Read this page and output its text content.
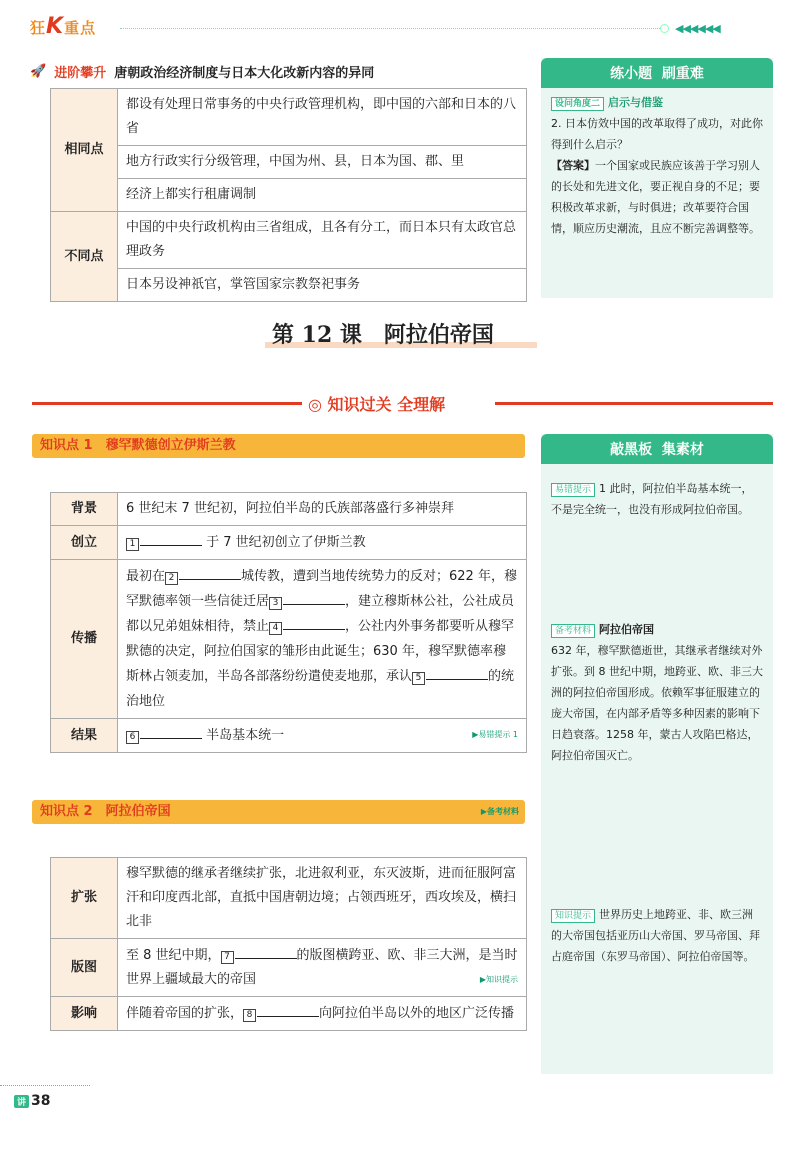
狂K重点	◀◀◀◀◀◀
🚀 进阶攀升 唐朝政治经济制度与日本大化改新内容的异同
相同点	都设有处理日常事务的中央行政管理机构，即中国的六部和日本的八省
	地方行政实行分级管理，中国为州、县，日本为国、郡、里
	经济上都实行租庸调制
不同点	中国的中央行政机构由三省组成，且各有分工，而日本只有太政官总理政务
	日本另设神祇官，掌管国家宗教祭祀事务
练小题
刷重难
设问角度二 启示与借鉴
2. 日本仿效中国的改革取得了成功，对此你得到什么启示？
【答案】一个国家或民族应该善于学习别人的长处和先进文化，要正视自身的不足；要积极改革求新，与时俱进；改革要符合国情，顺应历史潮流，且应不断完善调整等。
第 12 课　阿拉伯帝国
◎ 知识过关 全理解
知识点 1　穆罕默德创立伊斯兰教
背景	6 世纪末 7 世纪初，阿拉伯半岛的氏族部落盛行多神崇拜
创立	1 于 7 世纪初创立了伊斯兰教
传播	最初在 2 城传教，遭到当地传统势力的反对；622 年，穆罕默德率领一些信徒迁居 3 ，建立穆斯林公社，公社成员都以兄弟姐妹相待，禁止 4 ，公社内外事务都要听从穆罕默德的决定，阿拉伯国家的雏形由此诞生；630 年，穆罕默德率穆斯林占领麦加，半岛各部落纷纷遣使麦地那，承认 5 的统治地位
结果	6 半岛基本统一 ▶易错提示 1
知识点 2　阿拉伯帝国	▶备考材料
扩张	穆罕默德的继承者继续扩张，北进叙利亚，东灭波斯，进而征服阿富汗和印度西北部，直抵中国唐朝边境；占领西班牙，西攻埃及，横扫北非
版图	至 8 世纪中期， 7 的版图横跨亚、欧、非三大洲，是当时世界上疆域最大的帝国 ▶知识提示

影响	伴随着帝国的扩张， 8 向阿拉伯半岛以外的地区广泛传播
敲黑板
集素材
易错提示 1 此时，阿拉伯半岛基本统一，不是完全统一，也没有形成阿拉伯帝国。
备考材料 阿拉伯帝国
632 年，穆罕默德逝世，其继承者继续对外扩张。到 8 世纪中期，地跨亚、欧、非三大洲的阿拉伯帝国形成。依赖军事征服建立的庞大帝国，在内部矛盾等多种因素的影响下日趋衰落。1258 年，蒙古人攻陷巴格达，阿拉伯帝国灭亡。
知识提示 世界历史上地跨亚、非、欧三洲的大帝国包括亚历山大帝国、罗马帝国、拜占庭帝国（东罗马帝国）、阿拉伯帝国等。
讲 38
